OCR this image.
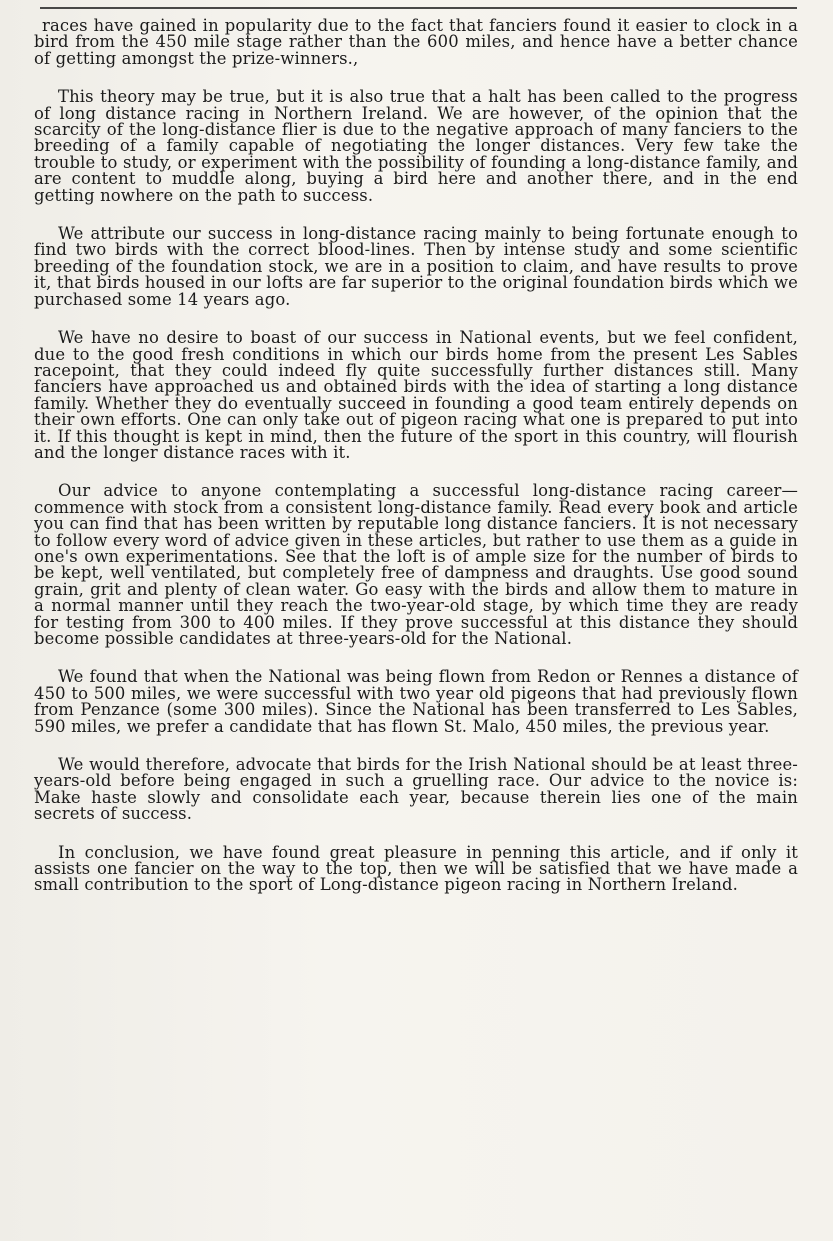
races have gained in popularity due to the fact that fanciers found it easier to clock in a bird from the 450 mile stage rather than the 600 miles, and hence have a better chance of getting amongst the prize-winners.,

This theory may be true, but it is also true that a halt has been called to the progress of long distance racing in Northern Ireland. We are however, of the opinion that the scarcity of the long-distance flier is due to the negative approach of many fanciers to the breeding of a family capable of negotiating the longer distances. Very few take the trouble to study, or experiment with the possibility of founding a long-distance family, and are content to muddle along, buying a bird here and another there, and in the end getting nowhere on the path to success.

We attribute our success in long-distance racing mainly to being fortunate enough to find two birds with the correct blood-lines. Then by intense study and some scientific breeding of the foundation stock, we are in a position to claim, and have results to prove it, that birds housed in our lofts are far superior to the original foundation birds which we purchased some 14 years ago.

We have no desire to boast of our success in National events, but we feel confident, due to the good fresh conditions in which our birds home from the present Les Sables racepoint, that they could indeed fly quite successfully further distances still. Many fanciers have approached us and obtained birds with the idea of starting a long distance family. Whether they do eventually succeed in founding a good team entirely depends on their own efforts. One can only take out of pigeon racing what one is prepared to put into it. If this thought is kept in mind, then the future of the sport in this country, will flourish and the longer distance races with it.

Our advice to anyone contemplating a successful long-distance racing career—commence with stock from a consistent long-distance family. Read every book and article you can find that has been written by reputable long distance fanciers. It is not necessary to follow every word of advice given in these articles, but rather to use them as a guide in one's own experimentations. See that the loft is of ample size for the number of birds to be kept, well ventilated, but completely free of dampness and draughts. Use good sound grain, grit and plenty of clean water. Go easy with the birds and allow them to mature in a normal manner until they reach the two-year-old stage, by which time they are ready for testing from 300 to 400 miles. If they prove successful at this distance they should become possible candidates at three-years-old for the National.

We found that when the National was being flown from Redon or Rennes a distance of 450 to 500 miles, we were successful with two year old pigeons that had previously flown from Penzance (some 300 miles). Since the National has been transferred to Les Sables, 590 miles, we prefer a candidate that has flown St. Malo, 450 miles, the previous year.

We would therefore, advocate that birds for the Irish National should be at least three-years-old before being engaged in such a gruelling race. Our advice to the novice is: Make haste slowly and consolidate each year, because therein lies one of the main secrets of success.

In conclusion, we have found great pleasure in penning this article, and if only it assists one fancier on the way to the top, then we will be satisfied that we have made a small contribution to the sport of Long-distance pigeon racing in Northern Ireland.
